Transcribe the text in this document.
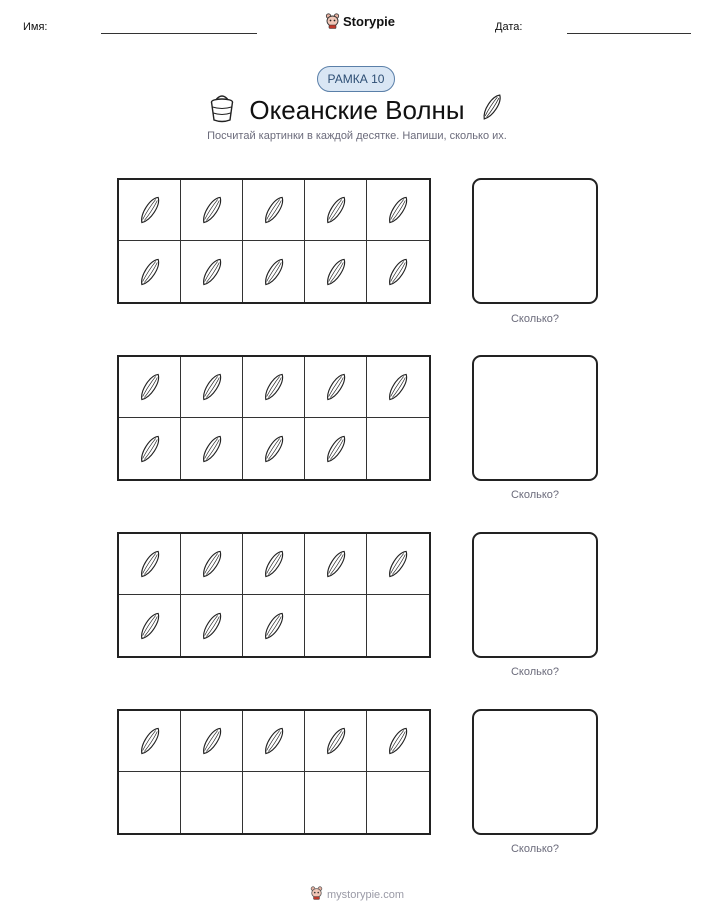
Имя:	Storypie	Дата:
РАМКА 10
Океанские Волны
Посчитай картинки в каждой десятке. Напиши, сколько их.
Сколько?
Сколько?
Сколько?
Сколько?
mystorypie.com
